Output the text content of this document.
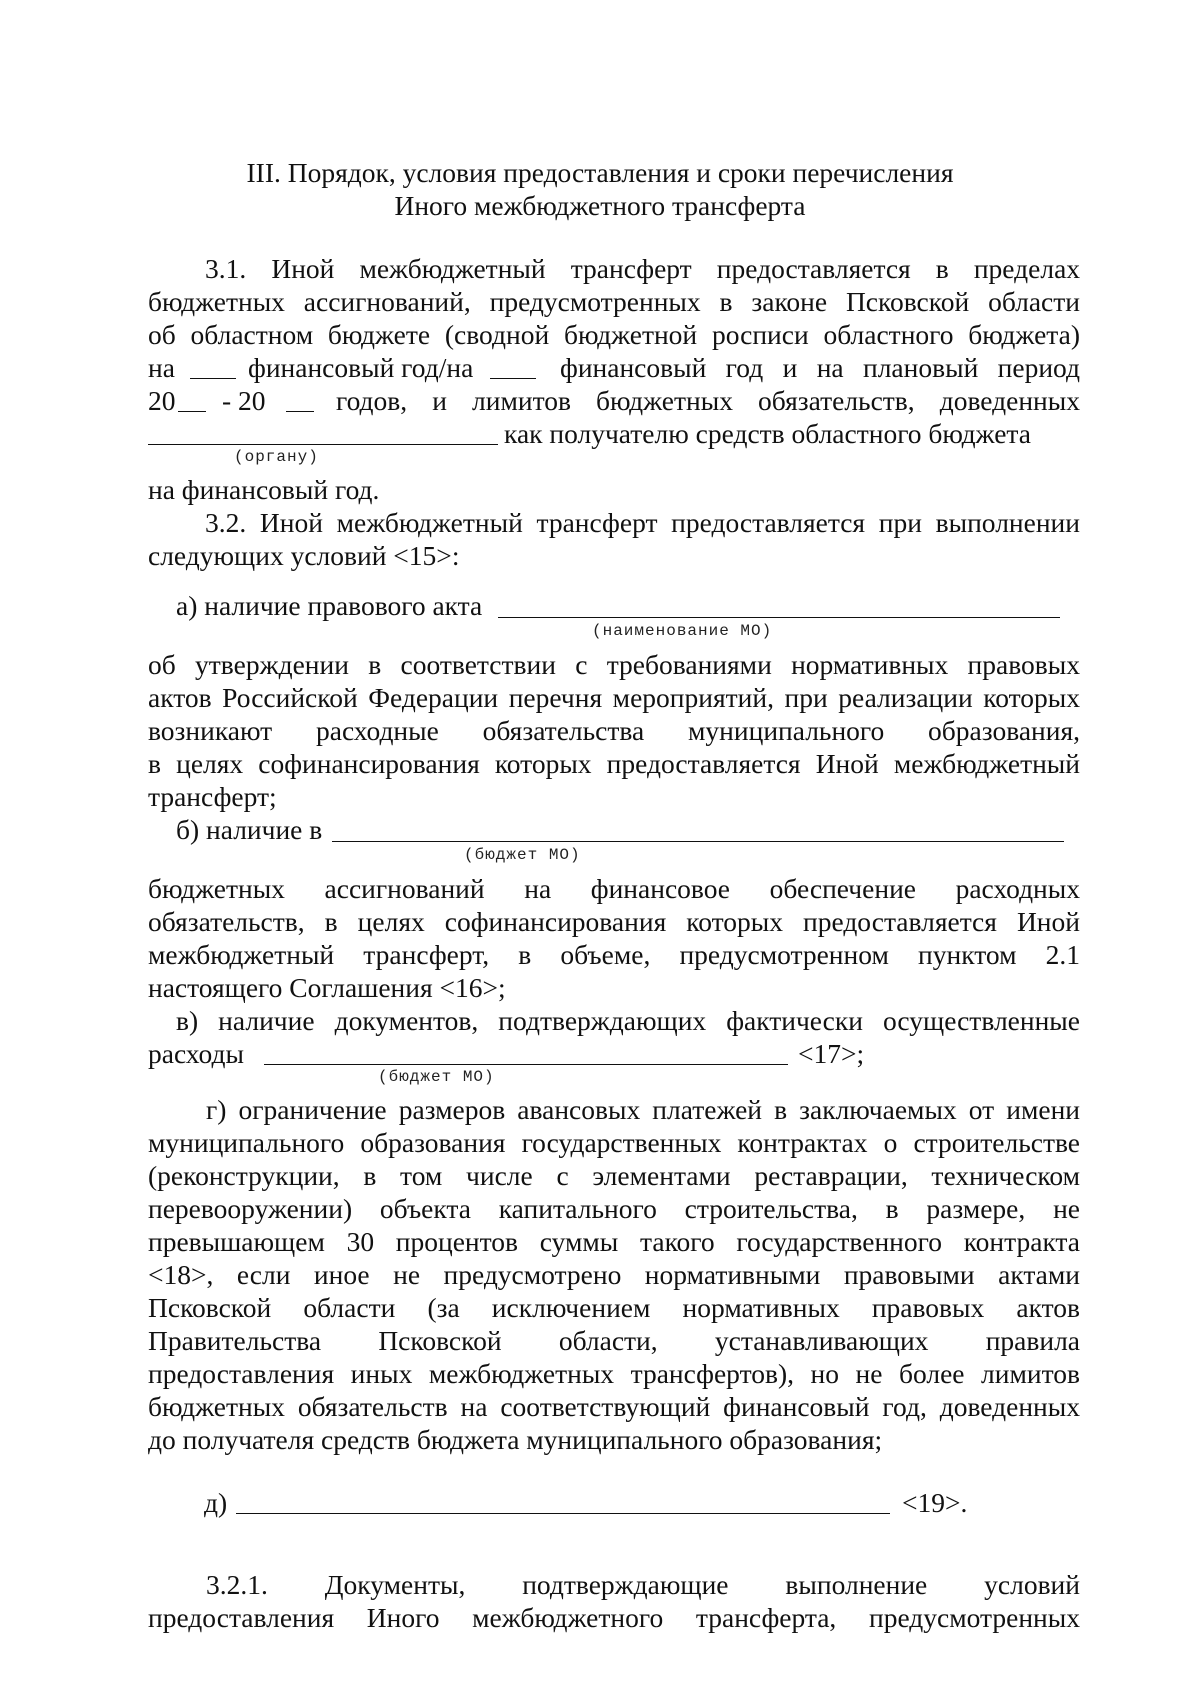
III. Порядок, условия предоставления и сроки перечисления
Иного межбюджетного трансферта
3.1. Иной межбюджетный трансферт предоставляется в пределах
бюджетных ассигнований, предусмотренных в законе Псковской области
об областном бюджете (сводной бюджетной росписи областного бюджета)
на	финансовый год/на	финансовый год и на плановый период
20 - 20	годов, и лимитов бюджетных обязательств, доведенных
как получателю средств областного бюджета
(органу)
на финансовый год.
3.2. Иной межбюджетный трансферт предоставляется при выполнении
следующих условий <15>:
а) наличие правового акта
(наименование МО)
об утверждении в соответствии с требованиями нормативных правовых
актов Российской Федерации перечня мероприятий, при реализации которых
возникают расходные обязательства муниципального образования,
в целях софинансирования которых предоставляется Иной межбюджетный
трансферт;
б) наличие в
(бюджет МО)
бюджетных ассигнований на финансовое обеспечение расходных
обязательств, в целях софинансирования которых предоставляется Иной
межбюджетный трансферт, в объеме, предусмотренном пунктом 2.1
настоящего Соглашения <16>;
в) наличие документов, подтверждающих фактически осуществленные
расходы	<17>;
(бюджет МО)
г) ограничение размеров авансовых платежей в заключаемых от имени
муниципального образования государственных контрактах о строительстве
(реконструкции, в том числе с элементами реставрации, техническом
перевооружении) объекта капитального строительства, в размере, не
превышающем 30 процентов суммы такого государственного контракта
<18>, если иное не предусмотрено нормативными правовыми актами
Псковской области (за исключением нормативных правовых актов
Правительства Псковской области, устанавливающих правила
предоставления иных межбюджетных трансфертов), но не более лимитов
бюджетных обязательств на соответствующий финансовый год, доведенных
до получателя средств бюджета муниципального образования;
д)	<19>.
3.2.1. Документы, подтверждающие выполнение условий
предоставления Иного межбюджетного трансферта, предусмотренных
